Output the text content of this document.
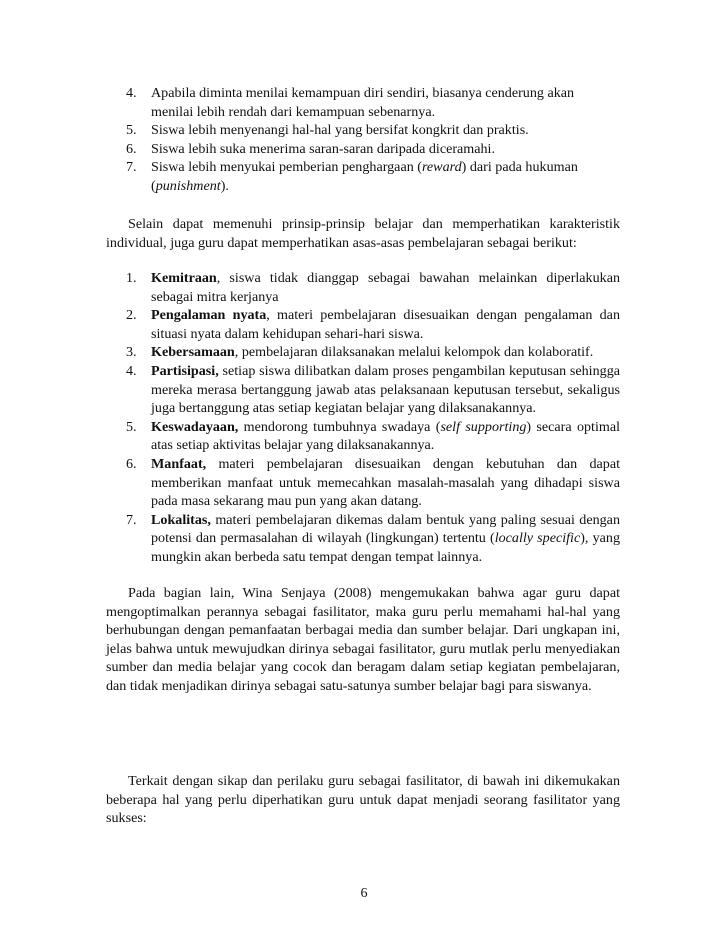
4.	Apabila diminta menilai kemampuan diri sendiri, biasanya cenderung akan menilai lebih rendah dari kemampuan sebenarnya.
5.	Siswa lebih menyenangi hal-hal yang bersifat kongkrit dan praktis.
6.	Siswa lebih suka menerima saran-saran daripada diceramahi.
7.	Siswa lebih menyukai pemberian penghargaan (reward) dari pada hukuman (punishment).

Selain dapat memenuhi prinsip-prinsip belajar dan memperhatikan karakteristik individual, juga guru dapat memperhatikan asas-asas pembelajaran sebagai berikut:

1.	Kemitraan, siswa tidak dianggap sebagai bawahan melainkan diperlakukan sebagai mitra kerjanya
2.	Pengalaman nyata, materi pembelajaran disesuaikan dengan pengalaman dan situasi nyata dalam kehidupan sehari-hari siswa.
3.	Kebersamaan, pembelajaran dilaksanakan melalui kelompok dan kolaboratif.
4.	Partisipasi, setiap siswa dilibatkan dalam proses pengambilan keputusan sehingga mereka merasa bertanggung jawab atas pelaksanaan keputusan tersebut, sekaligus juga bertanggung atas setiap kegiatan belajar yang dilaksanakannya.
5.	Keswadayaan, mendorong tumbuhnya swadaya (self supporting) secara optimal atas setiap aktivitas belajar yang dilaksanakannya.
6.	Manfaat, materi pembelajaran disesuaikan dengan kebutuhan dan dapat memberikan manfaat untuk memecahkan masalah-masalah yang dihadapi siswa pada masa sekarang mau pun yang akan datang.
7.	Lokalitas, materi pembelajaran dikemas dalam bentuk yang paling sesuai dengan potensi dan permasalahan di wilayah (lingkungan) tertentu (locally specific), yang mungkin akan berbeda satu tempat dengan tempat lainnya.

Pada bagian lain, Wina Senjaya (2008) mengemukakan bahwa agar guru dapat mengoptimalkan perannya sebagai fasilitator, maka guru perlu memahami hal-hal yang berhubungan dengan pemanfaatan berbagai media dan sumber belajar. Dari ungkapan ini, jelas bahwa untuk mewujudkan dirinya sebagai fasilitator, guru mutlak perlu menyediakan sumber dan media belajar yang cocok dan beragam dalam setiap kegiatan pembelajaran, dan tidak menjadikan dirinya sebagai satu-satunya sumber belajar bagi para siswanya.

Terkait dengan sikap dan perilaku guru sebagai fasilitator, di bawah ini dikemukakan beberapa hal yang perlu diperhatikan guru untuk dapat menjadi seorang fasilitator yang sukses:

6
